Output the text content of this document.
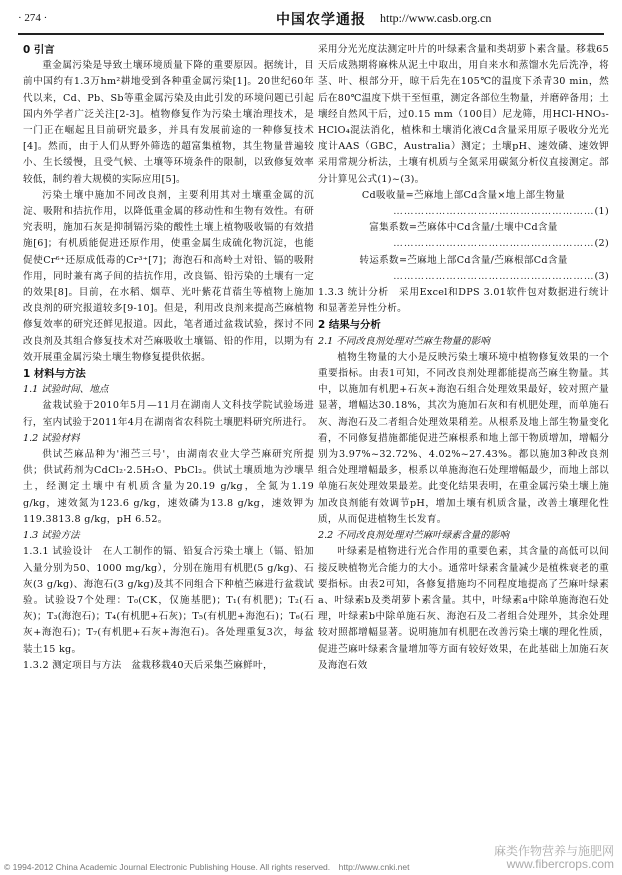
· 274 ·	中国农学通报 http://www.casb.org.cn
0 引言

重金属污染是导致土壤环境质量下降的重要原因。据统计，目前中国约有1.3万hm²耕地受到各种重金属污染[1]。20世纪60年代以来，Cd、Pb、Sb等重金属污染及由此引发的环境问题已引起国内外学者广泛关注[2-3]。植物修复作为污染土壤治理技术，是一门正在崛起且目前研究最多，并具有发展前途的一种修复技术[4]。然而，由于人们从野外筛选的超富集植物，其生物量普遍较小、生长缓慢，且受气候、土壤等环境条件的限制，以致修复效率较低，制约着大规模的实际应用[5]。

污染土壤中施加不同改良剂，主要利用其对土壤重金属的沉淀、吸附和拮抗作用，以降低重金属的移动性和生物有效性。有研究表明，施加石灰是抑制镉污染的酸性土壤上植物吸收镉的有效措施[6]；有机质能促进还原作用，使重金属生成硫化物沉淀，也能促使Cr⁶⁺还原成低毒的Cr³⁺[7]；海泡石和高岭土对铅、镉的吸附作用，同时兼有离子间的拮抗作用，改良镉、铅污染的土壤有一定的效果[8]。目前，在水稻、烟草、光叶紫花苜蓿生等植物上施加改良剂的研究报道较多[9-10]。但是，利用改良剂来提高苎麻植物修复效率的研究还鲜见报道。因此，笔者通过盆栽试验，探讨不同改良剂及其组合修复技术对苎麻吸收土壤镉、铅的作用，以期为有效开展重金属污染土壤生物修复提供依据。

1 材料与方法
1.1 试验时间、地点

盆栽试验于2010年5月—11月在湖南人文科技学院试验场进行，室内试验于2011年4月在湖南省农科院土壤肥料研究所进行。

1.2 试验材料

供试苎麻品种为'湘苎三号'，由湖南农业大学苎麻研究所提供；供试药剂为CdCl₂·2.5H₂O、PbCl₂。供试土壤质地为沙壤旱土，经测定土壤中有机质含量为20.19 g/kg，全氮为1.19 g/kg，速效氮为123.6 g/kg，速效磷为13.8 g/kg，速效钾为119.3813.8 g/kg，pH 6.52。

1.3 试验方法

1.3.1 试验设计　在人工制作的镉、铅复合污染土壤上（镉、铅加入量分别为50、1000 mg/kg），分别在施用有机肥(5 g/kg)、石灰(3 g/kg)、海泡石(3 g/kg)及其不同组合下种植苎麻进行盆栽试验。试验设7个处理：T₀(CK，仅施基肥)；T₁(有机肥)；T₂(石灰)；T₃(海泡石)；T₄(有机肥+石灰)；T₅(有机肥+海泡石)；T₆(石灰+海泡石)；T₇(有机肥+石灰+海泡石)。各处理重复3次，每盆装土15 kg。

1.3.2 测定项目与方法　盆栽移栽40天后采集苎麻鲜叶，

采用分光光度法测定叶片的叶绿素含量和类胡萝卜素含量。移栽65天后成熟期将麻株从泥土中取出，用自来水和蒸馏水先后洗净，将茎、叶、根部分开，晾干后先在105℃的温度下杀青30 min，然后在80℃温度下烘干至恒重，测定各部位生物量，并磨碎备用；土壤经自然风干后，过0.15 mm（100目）尼龙筛，用HCl-HNO₃-HClO₄混法消化，植株和土壤消化液Cd含量采用原子吸收分光光度计AAS（GBC，Australia）测定；土壤pH、速效磷、速效钾采用常规分析法，土壤有机质与全氮采用碳氮分析仪直接测定。部分计算见公式(1)~(3)。

Cd吸收量=苎麻地上部Cd含量×地上部生物量
…………………………………………………(1)
富集系数=苎麻体中Cd含量/土壤中Cd含量
…………………………………………………(2)
转运系数=苎麻地上部Cd含量/苎麻根部Cd含量
…………………………………………………(3)

1.3.3 统计分析　采用Excel和DPS 3.01软件包对数据进行统计和显著差异性分析。

2 结果与分析
2.1 不同改良剂处理对苎麻生物量的影响

植物生物量的大小是反映污染土壤环境中植物修复效果的一个重要指标。由表1可知，不同改良剂处理都能提高苎麻生物量。其中，以施加有机肥+石灰+海泡石组合处理效果最好，较对照产量显著，增幅达30.18%，其次为施加石灰和有机肥处理，而单施石灰、海泡石及二者组合处理效果稍差。从根系及地上部生物量变化看，不同修复措施都能促进苎麻根系和地上部干物质增加，增幅分别为3.97%~32.72%、4.02%~27.43%。都以施加3种改良剂组合处理增幅最多，根系以单施海泡石处理增幅最少，而地上部以单施石灰处理效果最差。此变化结果表明，在重金属污染土壤上施加改良剂能有效调节pH，增加土壤有机质含量，改善土壤理化性质，从而促进植物生长发育。

2.2 不同改良剂处理对苎麻叶绿素含量的影响

叶绿素是植物进行光合作用的重要色素，其含量的高低可以间接反映植物光合能力的大小。通常叶绿素含量减少是植株衰老的重要指标。由表2可知，各修复措施均不同程度地提高了苎麻叶绿素a、叶绿素b及类胡萝卜素含量。其中，叶绿素a中除单施海泡石处理，叶绿素b中除单施石灰、海泡石及二者组合处理外，其余处理较对照都增幅显著。说明施加有机肥在改善污染土壤的理化性质，促进苎麻叶绿素含量增加等方面有较好效果，在此基础上加施石灰及海泡石效

© 1994-2012 China Academic Journal Electronic Publishing House. All rights reserved.　http://www.cnki.net
麻类作物营养与施肥网
www.fibercrops.com
